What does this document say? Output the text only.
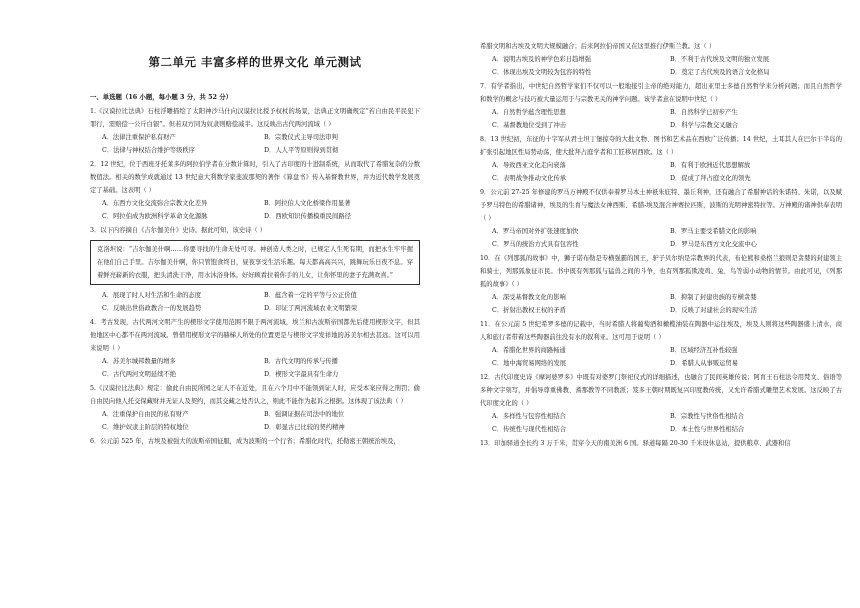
第二单元 丰富多样的世界文化 单元测试
一、单选题（16 小题，每小题 3 分，共 52 分）

1.《汉谟拉比法典》石柱浮雕描绘了太阳神沙马什向汉谟拉比授予权杖的场景，法典正文明确规定“若自由民平民犯下罪行，需赔偿一公斤白银”。但若双方同为奴隶则赔偿减半。这反映出古代两河流域（ ）

A．法律注重保护私有财产	B．宗教仪式主导司法审判
C．法律与神权结合维护等级秩序	D．人人平等原则得到贯彻

2．12 世纪，位于西班牙托莱多的阿拉伯学者在分数计算时，引入了古印度的十进制系统，从而取代了希腊复杂的分数数值法。相关的数学成就通过 13 世纪意大利数学家斐波那契的著作《算盘书》传入基督教世界，并为近代数学发展奠定了基础。这表明（ ）

A．东西方文化交流弥合宗教文化差异	B．阿拉伯人文化桥梁作用显著
C．阿拉伯成为欧洲科学革命文化源脉	D．西欧知识传播模重民间路径

3．以下内容摘自《吉尔伽美什》史诗。据此可知，该史诗（ ）

克洛坦说：“吉尔伽美什啊……你要寻找的生命无处可寻。神创造人类之时，已规定人生死有期，而把永生牢牢握在他们自己手里。吉尔伽美什啊，你只管饱食终日，昼夜享受生活乐趣。每天都高高兴兴，跳舞玩乐日夜不息。穿着鲜亮崭新的衣服，把头清洗干净，用水沐浴身体。好好顾看拉着你手的儿女，让你怀里的妻子充满欢喜。”
A．展现了时人对生活和生命的态度	B．蕴含着一定的平等与公正价值
C．反映出世俗政教合一的发展趋势	D．印证了两河流域农业文明繁荣

4．考古发现，古代两河文明产生的楔形文字使用范围不限于两河流域，埃兰和古波斯帝国都先后使用楔形文字，但其他地区中心都不在两河流域。曾借用楔形文字的赫梯人所处的位置更是与楔形文字发祥地的苏美尔相去甚远。这可以用来说明（ ）

A．苏美尔城邦数量的增多	B．古代文明的传承与传播
C．古代两河文明延续不绝	D．楔形文字最具有生命力

5.《汉谟拉比法典》规定：偷此自由民所园之证人不在近处，且在六个月中不能领到证人时，应受本案应得之刑罚；偷自由民向他人托交保藏财并无证人及契约，而其交藏之处否认之，则此不能作为起诉之根据。这体现了该法典（ ）

A．注重保护自由民的私有财产	B．强调证据在司法中的地位
C．维护奴隶主阶层的特权地位	D．彰显古已比较的契约精神

6．公元前 525 年，古埃及被强大的波斯帝国征服，成为波斯的一个行省；希腊化时代，托勒密王朝统治埃及，

希腊文明和古埃及文明大规模融合；后来阿拉伯帝国又在这里推行伊斯兰教。这（ ）

A．说明古埃及的神学色彩日趋增强	B．不利于古代埃及文明的独立发展
C．体现出埃及文明较为包容的特性	D．奠定了古代埃及的语言文化格局

7．有学者指出，中世纪自然哲学家们不仅可以一般地接引主帝的绝对能力，超出亚里士多德自然哲学来分析问题；而且自然哲学和数学的概念与技巧被大量运用于与宗教无关的神学问题。该学者意在说明中世纪（ ）

A．自然哲学蕴含理性思想	B．自然科学已初步产生
C．基督教地位受到了冲击	D．科学与宗教交叉融合

8．13 世纪初，东征的十字军从君士坦丁堡掠夺的大批文物、图书和艺术品在西欧广泛传播；14 世纪，土耳其人在巴尔干半岛的扩张引起地区性局势动荡，使大批拜占庭学者和工匠移居西欧。这（ ）

A．导致西亚文化走向衰落	B．有利于欧洲近代思想解放
C．表明战争推动文化传承	D．促成了拜占庭文化的领先

9．公元前 27-25 年修建的罗马万神殿不仅供奉着罗马本土神祇朱庇特、墨丘利神，还有融合了希腊神话的朱诺特、朱诺，以及赋予罗马特色的希腊诸神，埃及的生育与魔法女神西斯、希腊-埃及混合神赛拉匹斯，波斯的光明神密特拉等。万神殿的诸神供奉表明（ ）

A．罗马帝国对外扩张速度加快	B．罗马主要受希腊文化的影响
C．罗马的统治方式具有包容性	D．罗马是东西方文化交流中心

10．在《列那狐的故事》中，狮子诺布勒是专横强霸的国王，驴子贝尔纳是宗教界的代表，布伦熊和桑格兰狼则是贪婪的封建领主和骑士，列那狐象征市民。书中既有列那狐与猛兽之间的斗争，也有列那狐欺凌鸡、兔、鸟等弱小动物的情节。由此可见，《列那狐的故事》（ ）

A．深受基督教文化的影响	B．抑制了封建贵族的专横贪婪
C．折射出教权王权的矛盾	D．反映了对建社会的现实生活

11．在公元前 5 世纪希罗多德的记载中，当时希腊人将葡萄酒和橄榄油装在陶器中运往埃及，埃及人则将这些陶器盛上清水，商人和旅行者带着这些陶器前往没有水的叙利亚。这可用于说明（ ）

A．希腊化世界的商路畅通	B．区域经济互补性较强
C．地中海贸易网络的发展	D．希腊人从事贩运贸易

12．古代印度史诗《摩诃婆罗多》中既有对婆罗门祭祀仪式的详细描述，也融合了民间英雄传说；阿育王石柱法令用梵文、俗语等多种文字刻写，并倡导尊重佛教、耆那教等不同教派；笈多王朝时期既复兴印度教传统，又允许希腊式雕塑艺术发展。这反映了古代印度文化的（ ）

A．多样性与包容性相结合	B．宗教性与世俗性相结合
C．传统性与现代性相结合	D．本土性与世界性相结合

13．印加驿道全长约 3 万千米，贯穿今天的南美洲 6 国。驿道每隔 20-30 千米设休息站，提供粮草、武器和信
